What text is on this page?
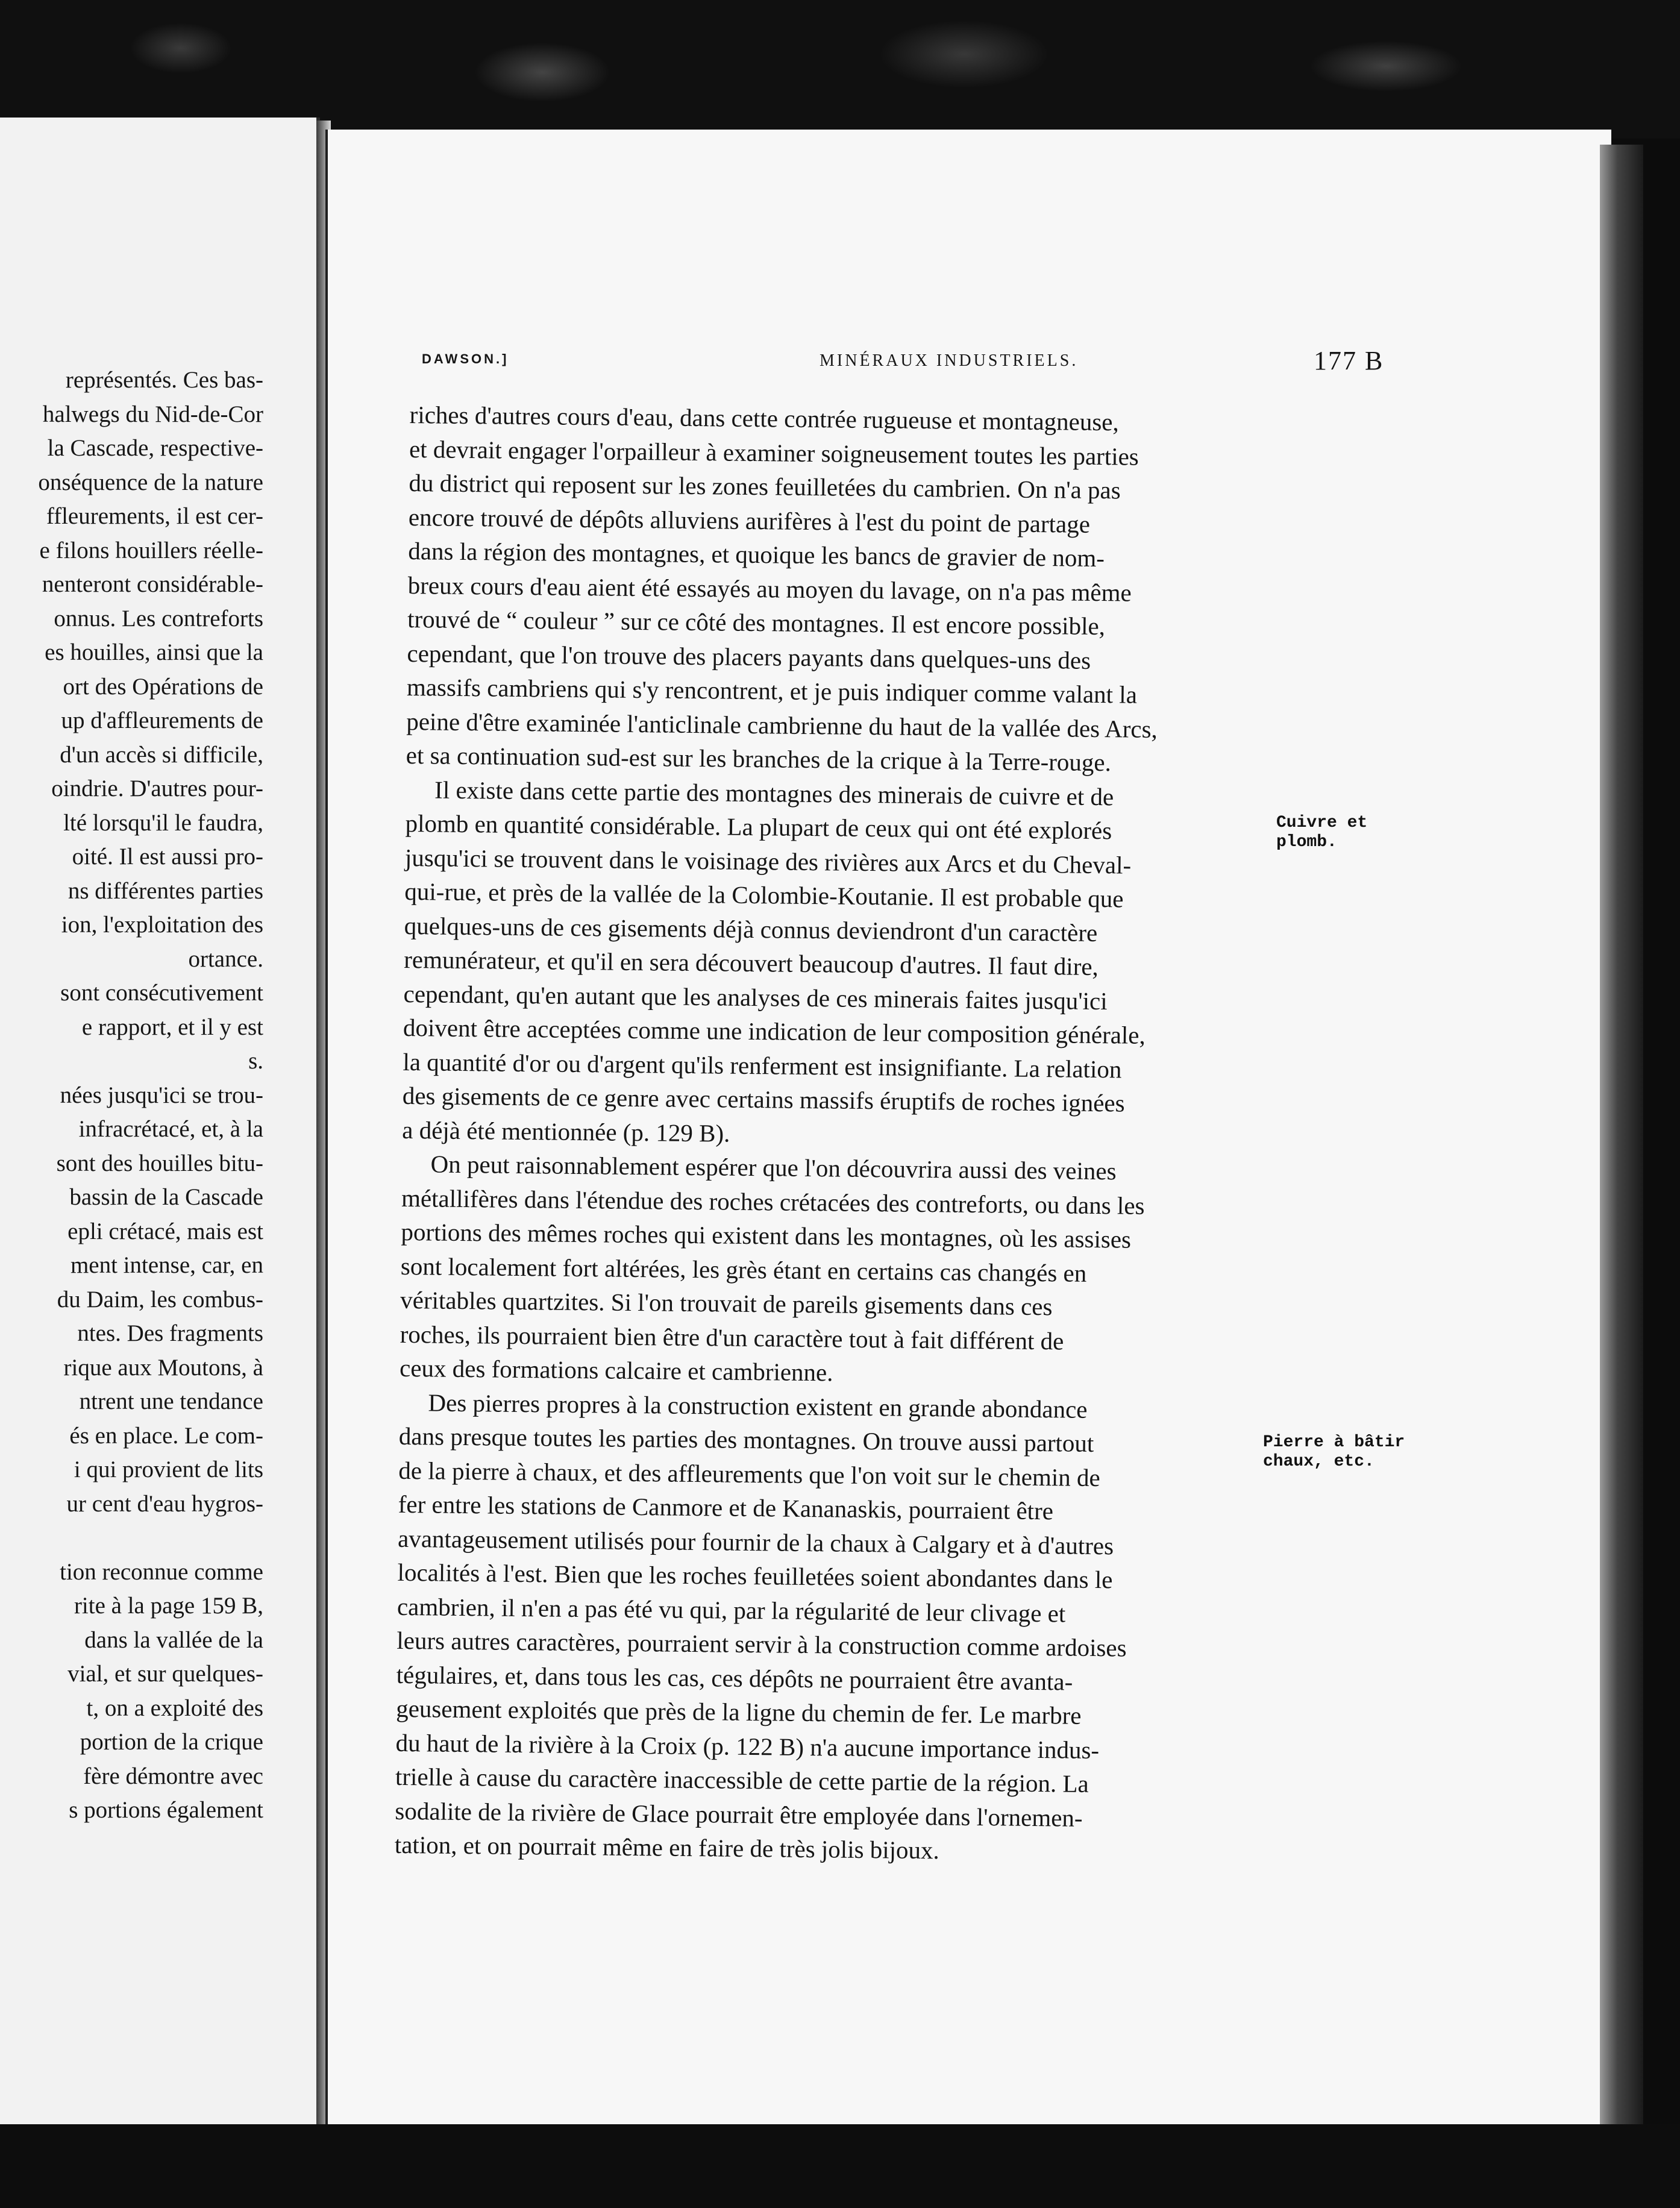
représentés. Ces bas-
halwegs du Nid-de-Cor
la Cascade, respective-
onséquence de la nature
ffleurements, il est cer-
e filons houillers réelle-
nenteront considérable-
onnus. Les contreforts
es houilles, ainsi que la
ort des Opérations de
up d'affleurements de
d'un accès si difficile,
oindrie. D'autres pour-
lté lorsqu'il le faudra,
oité. Il est aussi pro-
ns différentes parties
ion, l'exploitation des
ortance.
sont consécutivement
e rapport, et il y est
s.
nées jusqu'ici se trou-
infracrétacé, et, à la
sont des houilles bitu-
bassin de la Cascade
epli crétacé, mais est
ment intense, car, en
du Daim, les combus-
ntes. Des fragments
rique aux Moutons, à
ntrent une tendance
és en place. Le com-
i qui provient de lits
ur cent d'eau hygros-
tion reconnue comme
rite à la page 159 B,
dans la vallée de la
vial, et sur quelques-
t, on a exploité des
portion de la crique
fère démontre avec
s portions également
DAWSON.]	MINÉRAUX INDUSTRIELS.	177 B

riches d'autres cours d'eau, dans cette contrée rugueuse et montagneuse,
et devrait engager l'orpailleur à examiner soigneusement toutes les parties
du district qui reposent sur les zones feuilletées du cambrien. On n'a pas
encore trouvé de dépôts alluviens aurifères à l'est du point de partage
dans la région des montagnes, et quoique les bancs de gravier de nom-
breux cours d'eau aient été essayés au moyen du lavage, on n'a pas même
trouvé de “ couleur ” sur ce côté des montagnes. Il est encore possible,
cependant, que l'on trouve des placers payants dans quelques-uns des
massifs cambriens qui s'y rencontrent, et je puis indiquer comme valant la
peine d'être examinée l'anticlinale cambrienne du haut de la vallée des Arcs,
et sa continuation sud-est sur les branches de la crique à la Terre-rouge.

Il existe dans cette partie des montagnes des minerais de cuivre et de
plomb en quantité considérable. La plupart de ceux qui ont été explorés
jusqu'ici se trouvent dans le voisinage des rivières aux Arcs et du Cheval-
qui-rue, et près de la vallée de la Colombie-Koutanie. Il est probable que
quelques-uns de ces gisements déjà connus deviendront d'un caractère
remunérateur, et qu'il en sera découvert beaucoup d'autres. Il faut dire,
cependant, qu'en autant que les analyses de ces minerais faites jusqu'ici
doivent être acceptées comme une indication de leur composition générale,
la quantité d'or ou d'argent qu'ils renferment est insignifiante. La relation
des gisements de ce genre avec certains massifs éruptifs de roches ignées
a déjà été mentionnée (p. 129 B).

On peut raisonnablement espérer que l'on découvrira aussi des veines
métallifères dans l'étendue des roches crétacées des contreforts, ou dans les
portions des mêmes roches qui existent dans les montagnes, où les assises
sont localement fort altérées, les grès étant en certains cas changés en
véritables quartzites. Si l'on trouvait de pareils gisements dans ces
roches, ils pourraient bien être d'un caractère tout à fait différent de
ceux des formations calcaire et cambrienne.

Des pierres propres à la construction existent en grande abondance
dans presque toutes les parties des montagnes. On trouve aussi partout
de la pierre à chaux, et des affleurements que l'on voit sur le chemin de
fer entre les stations de Canmore et de Kananaskis, pourraient être
avantageusement utilisés pour fournir de la chaux à Calgary et à d'autres
localités à l'est. Bien que les roches feuilletées soient abondantes dans le
cambrien, il n'en a pas été vu qui, par la régularité de leur clivage et
leurs autres caractères, pourraient servir à la construction comme ardoises
tégulaires, et, dans tous les cas, ces dépôts ne pourraient être avanta-
geusement exploités que près de la ligne du chemin de fer. Le marbre
du haut de la rivière à la Croix (p. 122 B) n'a aucune importance indus-
trielle à cause du caractère inaccessible de cette partie de la région. La
sodalite de la rivière de Glace pourrait être employée dans l'ornemen-
tation, et on pourrait même en faire de très jolis bijoux.

Cuivre et
plomb.
Pierre à bâtir
chaux, etc.
